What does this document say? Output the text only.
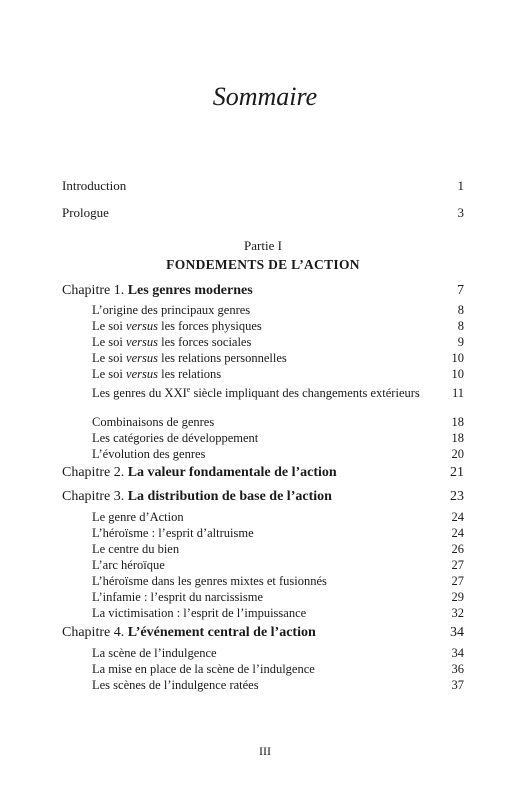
Sommaire
Introduction	1
Prologue	3
Partie I
FONDEMENTS DE L’ACTION
Chapitre 1. Les genres modernes	7
L’origine des principaux genres	8
Le soi versus les forces physiques	8
Le soi versus les forces sociales	9
Le soi versus les relations personnelles	10
Le soi versus les relations	10
Les genres du XXIe siècle impliquant des changements extérieurs	11
Combinaisons de genres	18
Les catégories de développement	18
L’évolution des genres	20
Chapitre 2. La valeur fondamentale de l’action	21
Chapitre 3. La distribution de base de l’action	23
Le genre d’Action	24
L’héroïsme : l’esprit d’altruisme	24
Le centre du bien	26
L’arc héroïque	27
L’héroïsme dans les genres mixtes et fusionnés	27
L’infamie : l’esprit du narcissisme	29
La victimisation : l’esprit de l’impuissance	32
Chapitre 4. L’événement central de l’action	34
La scène de l’indulgence	34
La mise en place de la scène de l’indulgence	36
Les scènes de l’indulgence ratées	37
III
